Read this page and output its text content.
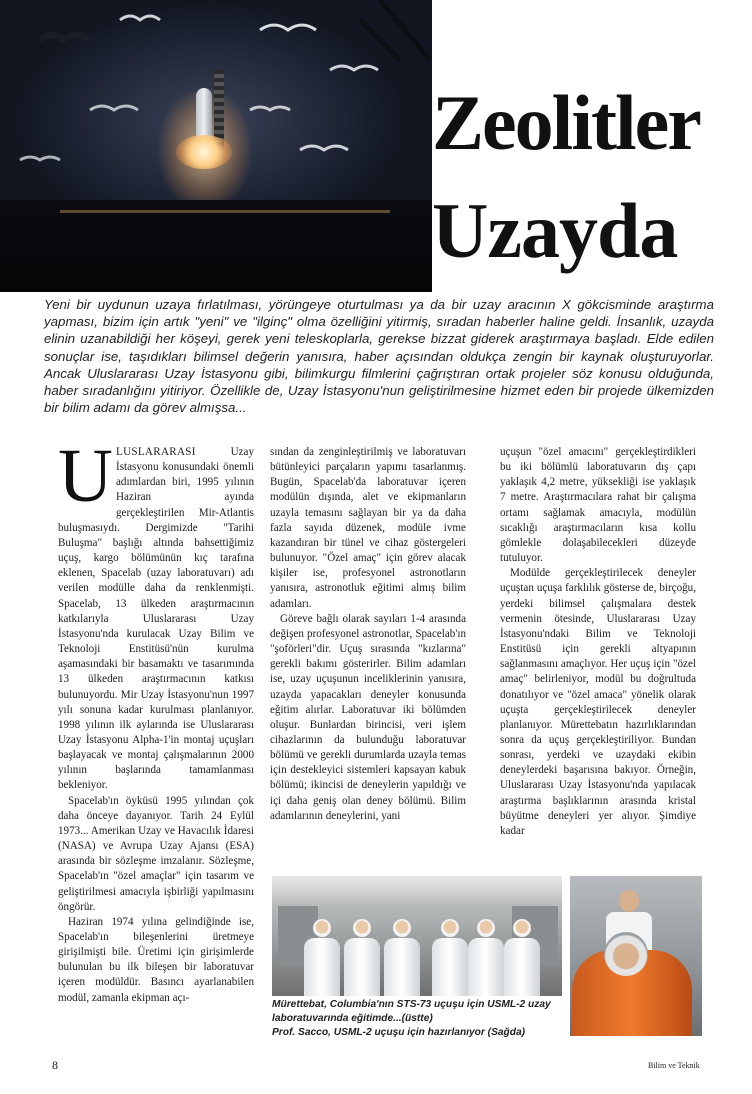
Zeolitler
Uzayda

Yeni bir uydunun uzaya fırlatılması, yörüngeye oturtulması ya da bir uzay aracının X gökcisminde araştırma yapması, bizim için artık "yeni" ve "ilginç" olma özelliğini yitirmiş, sıradan haberler haline geldi. İnsanlık, uzayda elinin uzanabildiği her köşeyi, gerek yeni teleskoplarla, gerekse bizzat giderek araştırmaya başladı. Elde edilen sonuçlar ise, taşıdıkları bilimsel değerin yanısıra, haber açısından oldukça zengin bir kaynak oluşturuyorlar. Ancak Uluslararası Uzay İstasyonu gibi, bilimkurgu filmlerini çağrıştıran ortak projeler söz konusu olduğunda, haber sıradanlığını yitiriyor. Özellikle de, Uzay İstasyonu'nun geliştirilmesine hizmet eden bir projede ülkemizden bir bilim adamı da görev almışsa...

ULUSLARARASI Uzay İstasyonu konusundaki önemli adımlardan biri, 1995 yılının Haziran ayında gerçekleştirilen Mir-Atlantis buluşmasıydı. Dergimizde "Tarihi Buluşma" başlığı altında bahsettiğimiz uçuş, kargo bölümünün kıç tarafına eklenen, Spacelab (uzay laboratuvarı) adı verilen modülle daha da renklenmişti. Spacelab, 13 ülkeden araştırmacının katkılarıyla Uluslararası Uzay İstasyonu'nda kurulacak Uzay Bilim ve Teknoloji Enstitüsü'nün kurulma aşamasındaki bir basamaktı ve tasarımında 13 ülkeden araştırmacının katkısı bulunuyordu. Mir Uzay İstasyonu'nun 1997 yılı sonuna kadar kurulması planlanıyor. 1998 yılının ilk aylarında ise Uluslararası Uzay İstasyonu Alpha-1'in montaj uçuşları başlayacak ve montaj çalışmalarının 2000 yılının başlarında tamamlanması bekleniyor.

Spacelab'ın öyküsü 1995 yılından çok daha önceye dayanıyor. Tarih 24 Eylül 1973... Amerikan Uzay ve Havacılık İdaresi (NASA) ve Avrupa Uzay Ajansı (ESA) arasında bir sözleşme imzalanır. Sözleşme, Spacelab'ın "özel amaçlar" için tasarım ve geliştirilmesi amacıyla işbirliği yapılmasını öngörür.

Haziran 1974 yılına gelindiğinde ise, Spacelab'ın bileşenlerini üretmeye girişilmişti bile. Üretimi için girişimlerde bulunulan bu ilk bileşen bir laboratuvar içeren modüldür. Basıncı ayarlanabilen modül, zamanla ekipman açı-

sından da zenginleştirilmiş ve laboratuvarı bütünleyici parçaların yapımı tasarlanmış. Bugün, Spacelab'da laboratuvar içeren modülün dışında, alet ve ekipmanların uzayla temasını sağlayan bir ya da daha fazla sayıda düzenek, modüle ivme kazandıran bir tünel ve cihaz göstergeleri bulunuyor. "Özel amaç" için görev alacak kişiler ise, profesyonel astronotların yanısıra, astronotluk eğitimi almış bilim adamları.

Göreve bağlı olarak sayıları 1-4 arasında değişen profesyonel astronotlar, Spacelab'ın "şoförleri"dir. Uçuş sırasında "kızlarına" gerekli bakımı gösterirler. Bilim adamları ise, uzay uçuşunun inceliklerinin yanısıra, uzayda yapacakları deneyler konusunda eğitim alırlar. Laboratuvar iki bölümden oluşur. Bunlardan birincisi, veri işlem cihazlarının da bulunduğu laboratuvar bölümü ve gerekli durumlarda uzayla temas için destekleyici sistemleri kapsayan kabuk bölümü; ikincisi de deneylerin yapıldığı ve içi daha geniş olan deney bölümü. Bilim adamlarının deneylerini, yani

uçuşun "özel amacını" gerçekleştirdikleri bu iki bölümlü laboratuvarın dış çapı yaklaşık 4,2 metre, yüksekliği ise yaklaşık 7 metre. Araştırmacılara rahat bir çalışma ortamı sağlamak amacıyla, modülün sıcaklığı araştırmacıların kısa kollu gömlekle dolaşabilecekleri düzeyde tutuluyor.

Modülde gerçekleştirilecek deneyler uçuştan uçuşa farklılık gösterse de, birçoğu, yerdeki bilimsel çalışmalara destek vermenin ötesinde, Uluslararası Uzay İstasyonu'ndaki Bilim ve Teknoloji Enstitüsü için gerekli altyapının sağlanmasını amaçlıyor. Her uçuş için "özel amaç" belirleniyor, modül bu doğrultuda donatılıyor ve "özel amaca" yönelik olarak uçuşta gerçekleştirilecek deneyler planlanıyor. Mürettebatın hazırlıklarından sonra da uçuş gerçekleştiriliyor. Bundan sonrası, yerdeki ve uzaydaki ekibin deneylerdeki başarısına bakıyor. Örneğin, Uluslararası Uzay İstasyonu'nda yapılacak araştırma başlıklarının arasında kristal büyütme deneyleri yer alıyor. Şimdiye kadar

Mürettebat, Columbia'nın STS-73 uçuşu için USML-2 uzay laboratuvarında eğitimde...(üstte)
Prof. Sacco, USML-2 uçuşu için hazırlanıyor (Sağda)
8	Bilim ve Teknik
